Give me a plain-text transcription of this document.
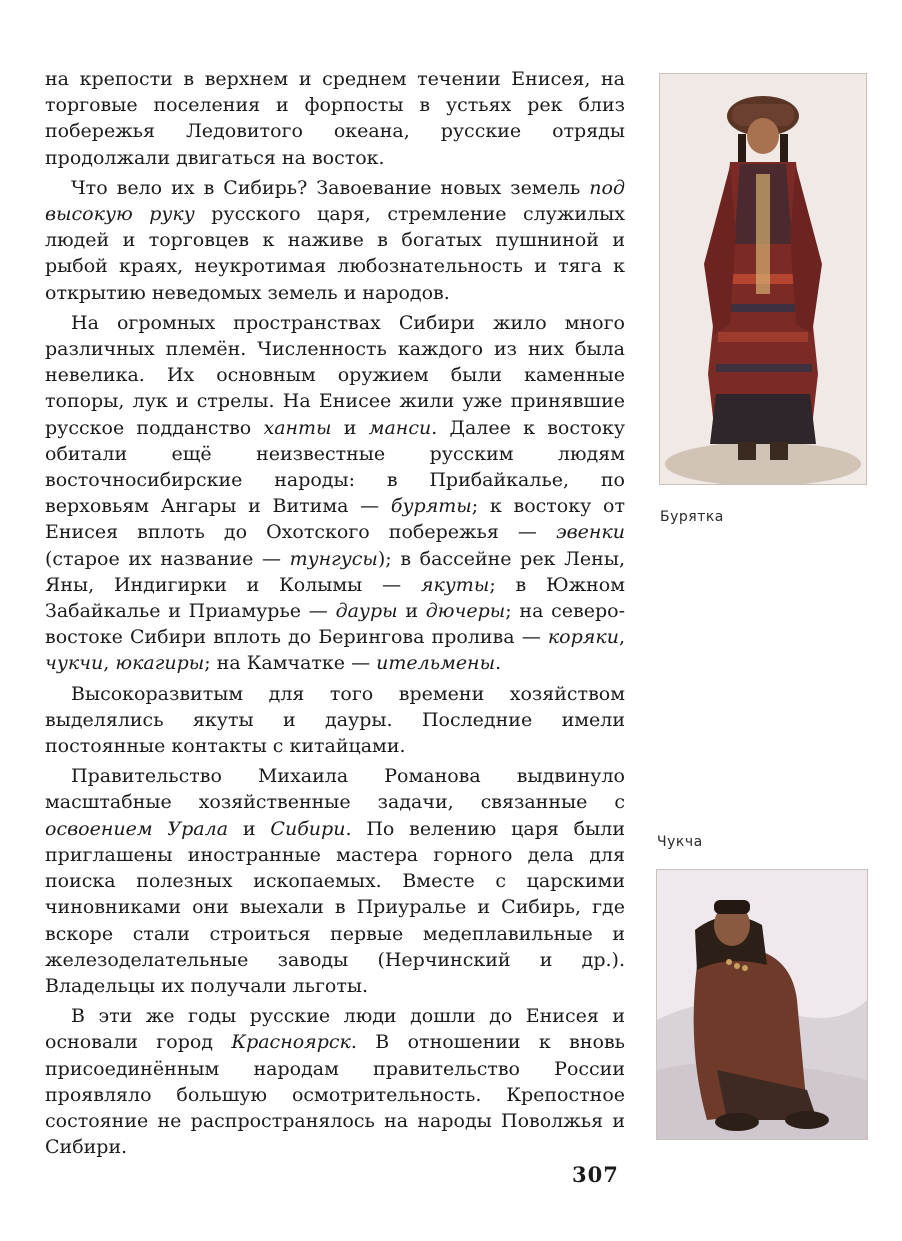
на крепости в верхнем и среднем течении Енисея, на торговые поселения и форпосты в устьях рек близ побережья Ледовитого океана, русские отряды продолжали двигаться на восток.

Что вело их в Сибирь? Завоевание новых земель под высокую руку русского царя, стремление служилых людей и торговцев к наживе в богатых пушниной и рыбой краях, неукротимая любознательность и тяга к открытию неведомых земель и народов.

На огромных пространствах Сибири жило много различных племён. Численность каждого из них была невелика. Их основным оружием были каменные топоры, лук и стрелы. На Енисее жили уже принявшие русское подданство ханты и манси. Далее к востоку обитали ещё неизвестные русским людям восточносибирские народы: в Прибайкалье, по верховьям Ангары и Витима — буряты; к востоку от Енисея вплоть до Охотского побережья — эвенки (старое их название — тунгусы); в бассейне рек Лены, Яны, Индигирки и Колымы — якуты; в Южном Забайкалье и Приамурье — дауры и дючеры; на северо-востоке Сибири вплоть до Берингова пролива — коряки, чукчи, юкагиры; на Камчатке — ительмены.

Высокоразвитым для того времени хозяйством выделялись якуты и дауры. Последние имели постоянные контакты с китайцами.

Правительство Михаила Романова выдвинуло масштабные хозяйственные задачи, связанные с освоением Урала и Сибири. По велению царя были приглашены иностранные мастера горного дела для поиска полезных ископаемых. Вместе с царскими чиновниками они выехали в Приуралье и Сибирь, где вскоре стали строиться первые медеплавильные и железоделательные заводы (Нерчинский и др.). Владельцы их получали льготы.

В эти же годы русские люди дошли до Енисея и основали город Красноярск. В отношении к вновь присоединённым народам правительство России проявляло большую осмотрительность. Крепостное состояние не распространялось на народы Поволжья и Сибири.

Бурятка
Чукча
307
